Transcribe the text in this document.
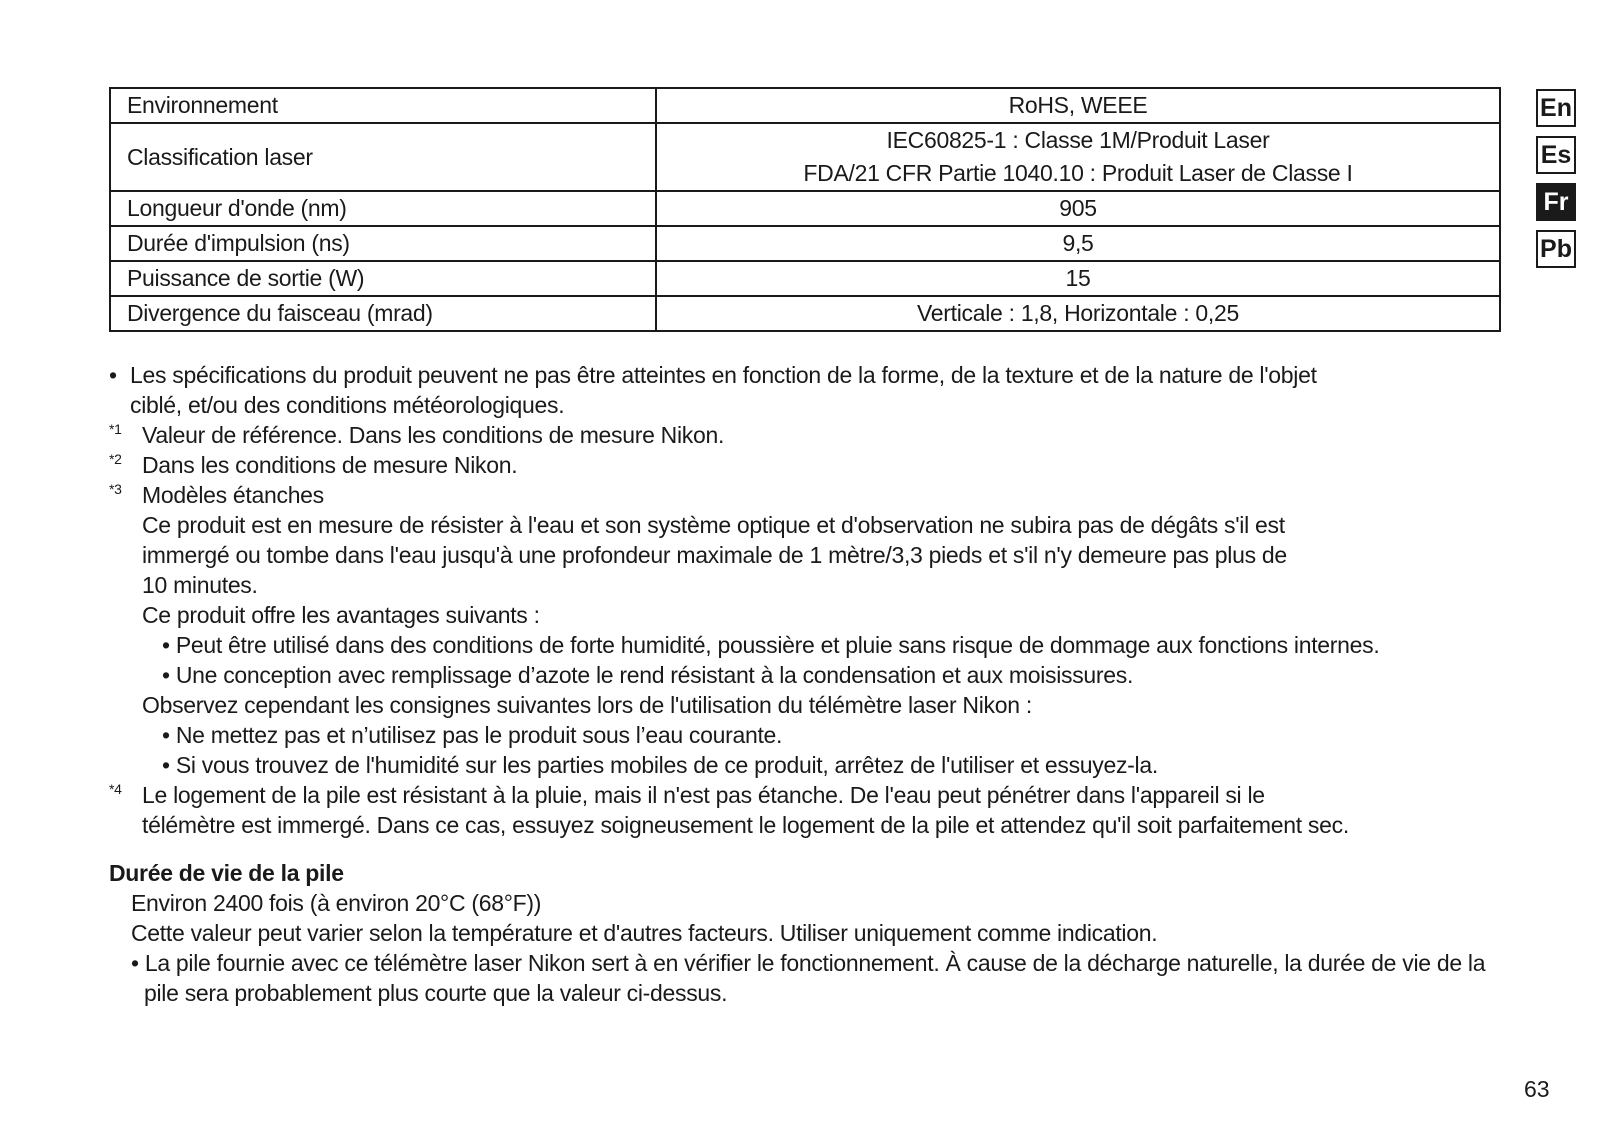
Environnement	RoHS, WEEE
Classification laser	IEC60825-1 : Classe 1M/Produit Laser
FDA/21 CFR Partie 1040.10 : Produit Laser de Classe I

Longueur d'onde (nm)	905
Durée d'impulsion (ns)	9,5
Puissance de sortie (W)	15
Divergence du faisceau (mrad)	Verticale : 1,8, Horizontale : 0,25
En
Es
Fr
Pb
• Les spécifications du produit peuvent ne pas être atteintes en fonction de la forme, de la texture et de la nature de l'objet
ciblé, et/ou des conditions météorologiques.
*1 Valeur de référence. Dans les conditions de mesure Nikon.
*2 Dans les conditions de mesure Nikon.
*3 Modèles étanches
Ce produit est en mesure de résister à l'eau et son système optique et d'observation ne subira pas de dégâts s'il est
immergé ou tombe dans l'eau jusqu'à une profondeur maximale de 1 mètre/3,3 pieds et s'il n'y demeure pas plus de
10 minutes.
Ce produit offre les avantages suivants :
• Peut être utilisé dans des conditions de forte humidité, poussière et pluie sans risque de dommage aux fonctions internes.
• Une conception avec remplissage d’azote le rend résistant à la condensation et aux moisissures.
Observez cependant les consignes suivantes lors de l'utilisation du télémètre laser Nikon :
• Ne mettez pas et n’utilisez pas le produit sous l’eau courante.
• Si vous trouvez de l'humidité sur les parties mobiles de ce produit, arrêtez de l'utiliser et essuyez-la.
*4 Le logement de la pile est résistant à la pluie, mais il n'est pas étanche. De l'eau peut pénétrer dans l'appareil si le
télémètre est immergé. Dans ce cas, essuyez soigneusement le logement de la pile et attendez qu'il soit parfaitement sec.
Durée de vie de la pile
Environ 2400 fois (à environ 20°C (68°F))
Cette valeur peut varier selon la température et d'autres facteurs. Utiliser uniquement comme indication.
• La pile fournie avec ce télémètre laser Nikon sert à en vérifier le fonctionnement. À cause de la décharge naturelle, la durée de vie de la pile sera probablement plus courte que la valeur ci-dessus.
63
